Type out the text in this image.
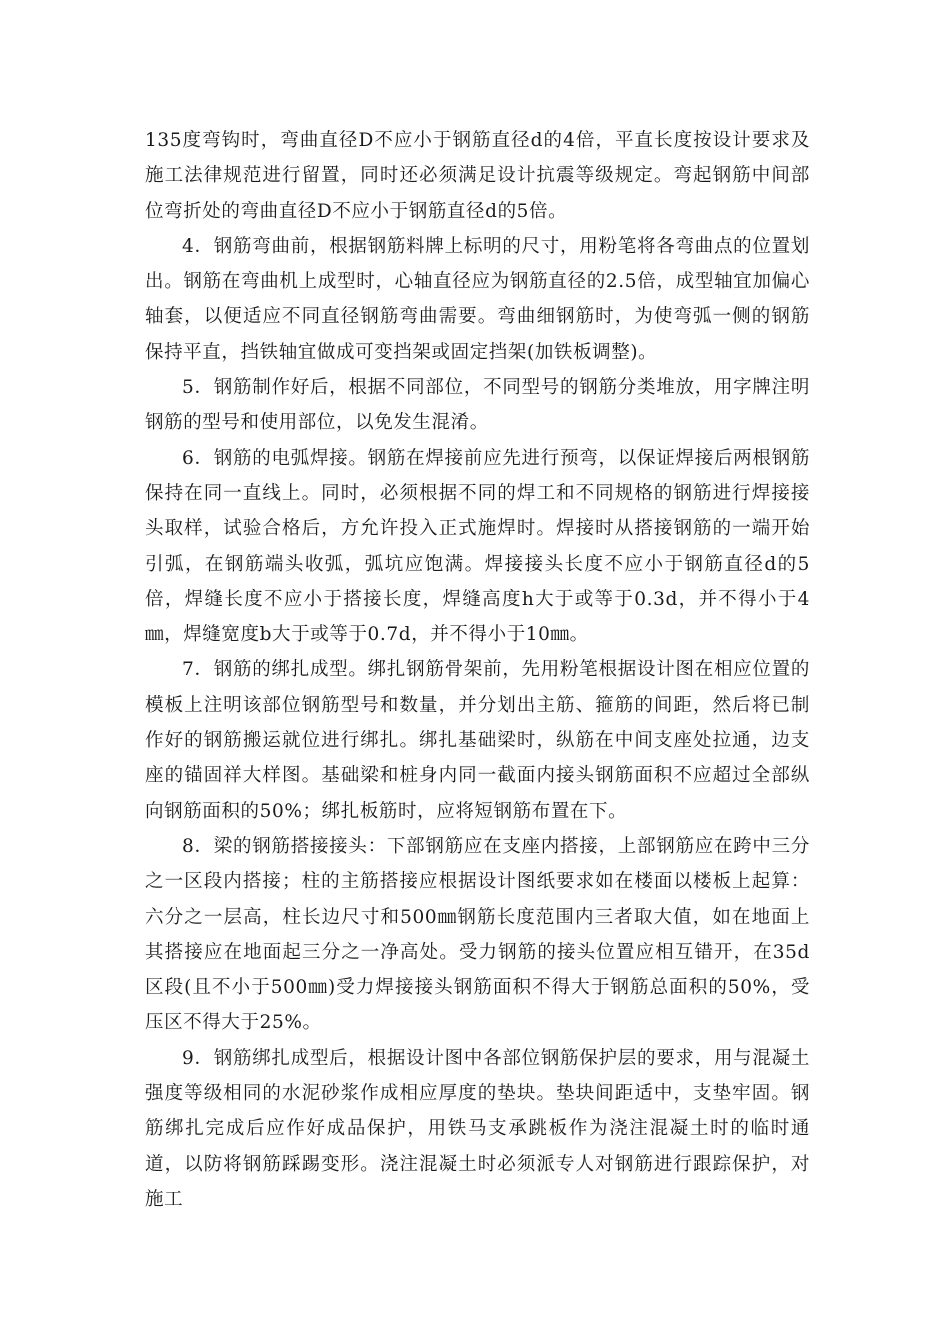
135度弯钩时，弯曲直径D不应小于钢筋直径d的4倍，平直长度按设计要求及施工法律规范进行留置，同时还必须满足设计抗震等级规定。弯起钢筋中间部位弯折处的弯曲直径D不应小于钢筋直径d的5倍。

4．钢筋弯曲前，根据钢筋料牌上标明的尺寸，用粉笔将各弯曲点的位置划出。钢筋在弯曲机上成型时，心轴直径应为钢筋直径的2.5倍，成型轴宜加偏心轴套，以便适应不同直径钢筋弯曲需要。弯曲细钢筋时，为使弯弧一侧的钢筋保持平直，挡铁轴宜做成可变挡架或固定挡架(加铁板调整)。

5．钢筋制作好后，根据不同部位，不同型号的钢筋分类堆放，用字牌注明钢筋的型号和使用部位，以免发生混淆。

6．钢筋的电弧焊接。钢筋在焊接前应先进行预弯，以保证焊接后两根钢筋保持在同一直线上。同时，必须根据不同的焊工和不同规格的钢筋进行焊接接头取样，试验合格后，方允许投入正式施焊时。焊接时从搭接钢筋的一端开始引弧，在钢筋端头收弧，弧坑应饱满。焊接接头长度不应小于钢筋直径d的5倍，焊缝长度不应小于搭接长度，焊缝高度h大于或等于0.3d，并不得小于4㎜，焊缝宽度b大于或等于0.7d，并不得小于10㎜。

7．钢筋的绑扎成型。绑扎钢筋骨架前，先用粉笔根据设计图在相应位置的模板上注明该部位钢筋型号和数量，并分划出主筋、箍筋的间距，然后将已制作好的钢筋搬运就位进行绑扎。绑扎基础梁时，纵筋在中间支座处拉通，边支座的锚固祥大样图。基础梁和桩身内同一截面内接头钢筋面积不应超过全部纵向钢筋面积的50%；绑扎板筋时，应将短钢筋布置在下。

8．梁的钢筋搭接接头：下部钢筋应在支座内搭接，上部钢筋应在跨中三分之一区段内搭接；柱的主筋搭接应根据设计图纸要求如在楼面以楼板上起算：六分之一层高，柱长边尺寸和500㎜钢筋长度范围内三者取大值，如在地面上其搭接应在地面起三分之一净高处。受力钢筋的接头位置应相互错开，在35d区段(且不小于500㎜)受力焊接接头钢筋面积不得大于钢筋总面积的50%，受压区不得大于25%。

9．钢筋绑扎成型后，根据设计图中各部位钢筋保护层的要求，用与混凝土强度等级相同的水泥砂浆作成相应厚度的垫块。垫块间距适中，支垫牢固。钢筋绑扎完成后应作好成品保护，用铁马支承跳板作为浇注混凝土时的临时通道，以防将钢筋踩踢变形。浇注混凝土时必须派专人对钢筋进行跟踪保护，对施工
